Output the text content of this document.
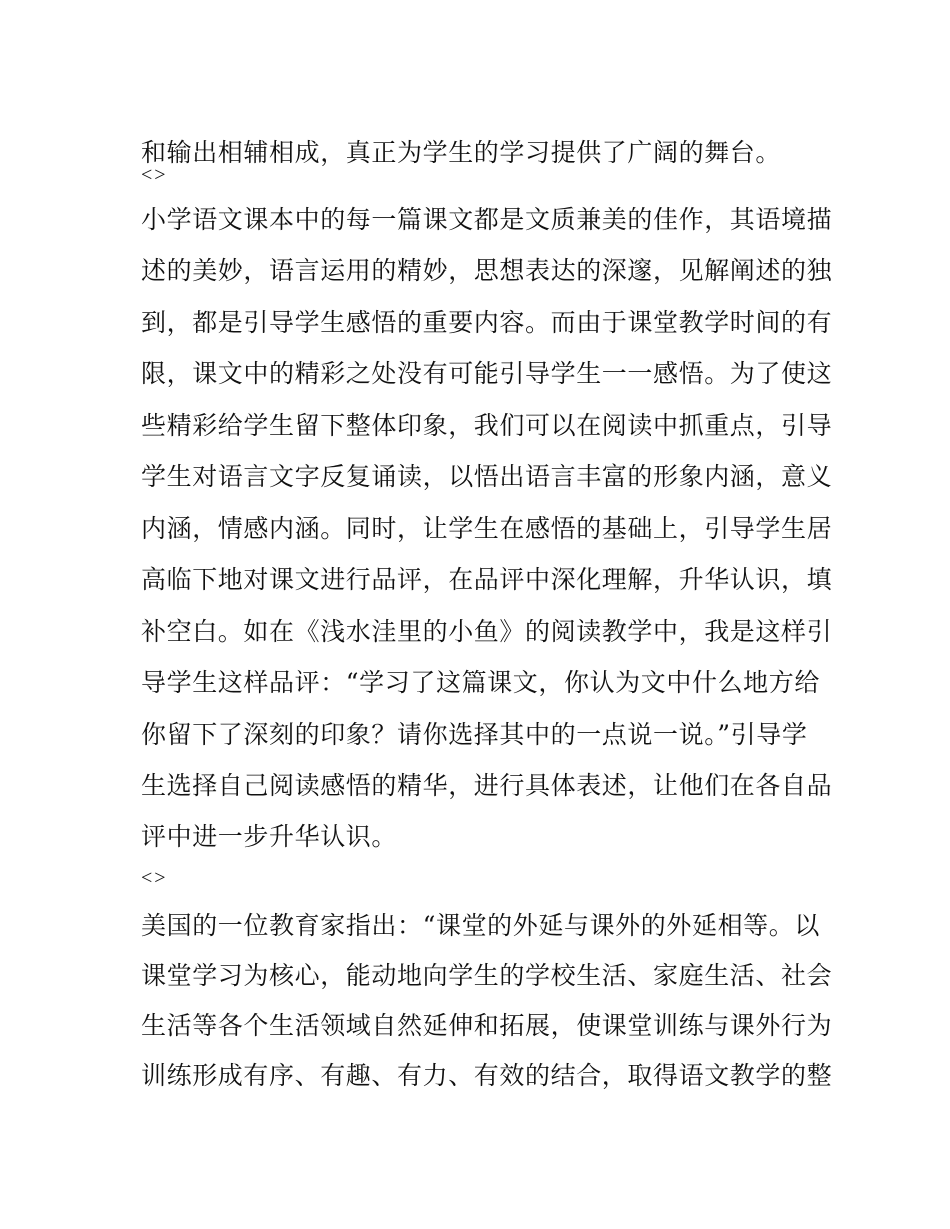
和输出相辅相成，真正为学生的学习提供了广阔的舞台。
<>
小学语文课本中的每一篇课文都是文质兼美的佳作，其语境描
述的美妙，语言运用的精妙，思想表达的深邃，见解阐述的独
到，都是引导学生感悟的重要内容。而由于课堂教学时间的有
限，课文中的精彩之处没有可能引导学生一一感悟。为了使这
些精彩给学生留下整体印象，我们可以在阅读中抓重点，引导
学生对语言文字反复诵读，以悟出语言丰富的形象内涵，意义
内涵，情感内涵。同时，让学生在感悟的基础上，引导学生居
高临下地对课文进行品评，在品评中深化理解，升华认识，填
补空白。如在《浅水洼里的小鱼》的阅读教学中，我是这样引
导学生这样品评：“学习了这篇课文，你认为文中什么地方给
你留下了深刻的印象？请你选择其中的一点说一说。”引导学
生选择自己阅读感悟的精华，进行具体表述，让他们在各自品
评中进一步升华认识。
<>
美国的一位教育家指出：“课堂的外延与课外的外延相等。以
课堂学习为核心，能动地向学生的学校生活、家庭生活、社会
生活等各个生活领域自然延伸和拓展，使课堂训练与课外行为
训练形成有序、有趣、有力、有效的结合，取得语文教学的整
